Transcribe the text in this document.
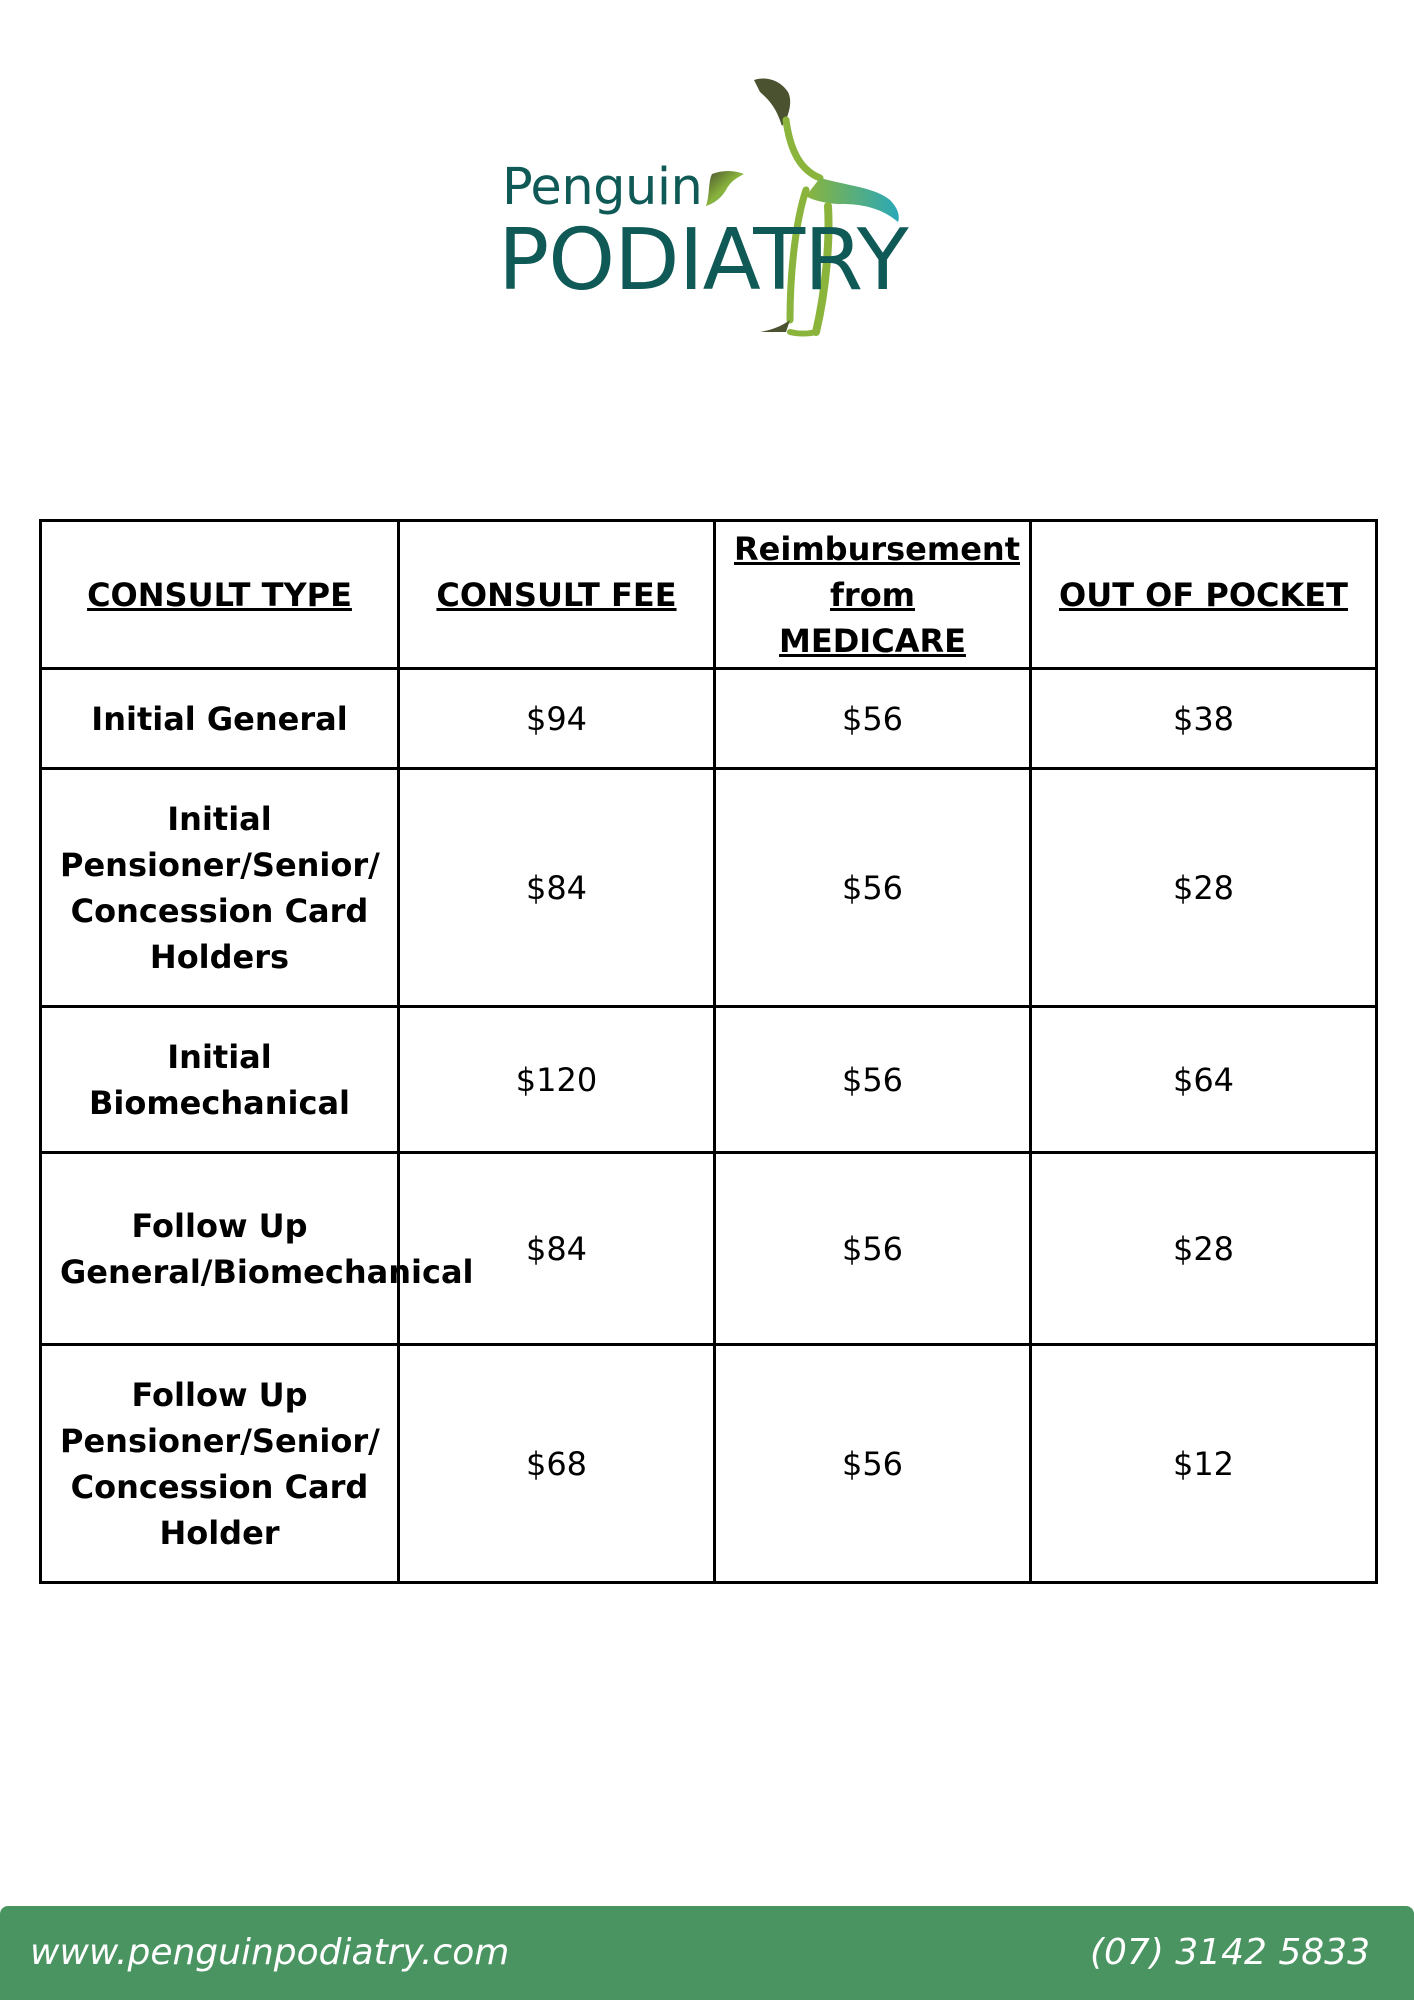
Penguin
PODIATRY
CONSULT TYPE	CONSULT FEE	Reimbursement from MEDICARE	OUT OF POCKET
Initial General	$94	$56	$38
Initial Pensioner/Senior/ Concession Card Holders	$84	$56	$28
Initial Biomechanical	$120	$56	$64
Follow Up General/Biomechanical	$84	$56	$28
Follow Up Pensioner/Senior/ Concession Card Holder	$68	$56	$12
www.penguinpodiatry.com	(07) 3142 5833
